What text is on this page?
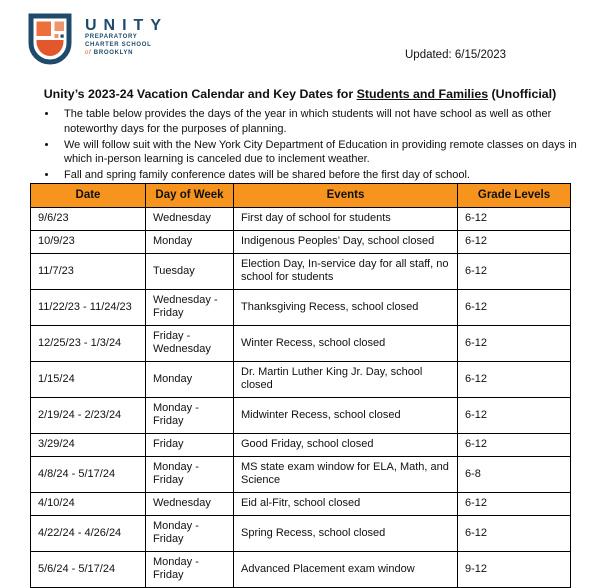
UNITY
PREPARATORY
CHARTER SCHOOL
of BROOKLYN	Updated: 6/15/2023
Unity’s 2023-24 Vacation Calendar and Key Dates for Students and Families (Unofficial)
• The table below provides the days of the year in which students will not have school as well as other noteworthy days for the purposes of planning.
• We will follow suit with the New York City Department of Education in providing remote classes on days in which in-person learning is canceled due to inclement weather.
• Fall and spring family conference dates will be shared before the first day of school.
Date	Day of Week	Events	Grade Levels
9/6/23	Wednesday	First day of school for students	6-12
10/9/23	Monday	Indigenous Peoples’ Day, school closed	6-12
11/7/23	Tuesday	Election Day, In-service day for all staff, no school for students	6-12
11/22/23 - 11/24/23	Wednesday - Friday	Thanksgiving Recess, school closed	6-12
12/25/23 - 1/3/24	Friday - Wednesday	Winter Recess, school closed	6-12
1/15/24	Monday	Dr. Martin Luther King Jr. Day, school closed	6-12
2/19/24 - 2/23/24	Monday - Friday	Midwinter Recess, school closed	6-12
3/29/24	Friday	Good Friday, school closed	6-12
4/8/24 - 5/17/24	Monday - Friday	MS state exam window for ELA, Math, and Science	6-8
4/10/24	Wednesday	Eid al-Fitr, school closed	6-12
4/22/24 - 4/26/24	Monday - Friday	Spring Recess, school closed	6-12
5/6/24 - 5/17/24	Monday - Friday	Advanced Placement exam window	9-12
